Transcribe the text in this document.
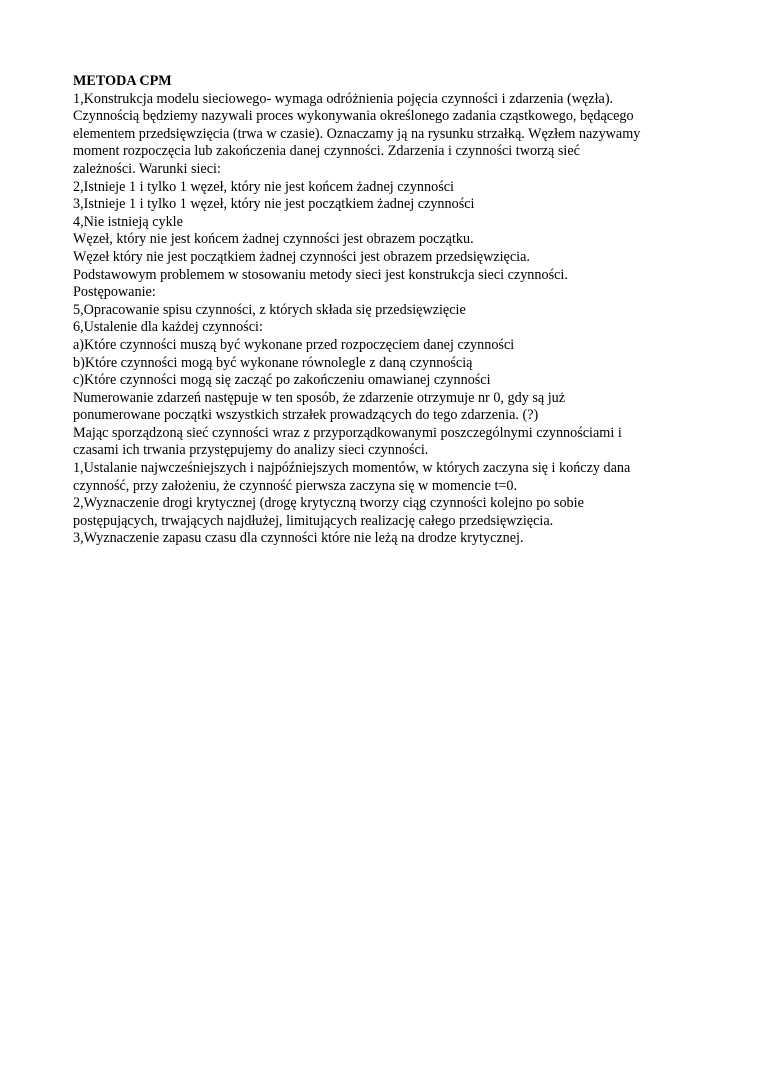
METODA CPM

1,Konstrukcja modelu sieciowego- wymaga odróżnienia pojęcia czynności i zdarzenia (węzła).

Czynnością będziemy nazywali proces wykonywania określonego zadania cząstkowego, będącego

elementem przedsięwzięcia (trwa w czasie). Oznaczamy ją na rysunku strzałką. Węzłem nazywamy

moment rozpoczęcia lub zakończenia danej czynności. Zdarzenia i czynności tworzą sieć

zależności. Warunki sieci:

2,Istnieje 1 i tylko 1 węzeł, który nie jest końcem żadnej czynności

3,Istnieje 1 i tylko 1 węzeł, który nie jest początkiem żadnej czynności

4,Nie istnieją cykle

Węzeł, który nie jest końcem żadnej czynności jest obrazem początku.

Węzeł który nie jest początkiem żadnej czynności jest obrazem przedsięwzięcia.

Podstawowym problemem w stosowaniu metody sieci jest konstrukcja sieci czynności.

Postępowanie:

5,Opracowanie spisu czynności, z których składa się przedsięwzięcie

6,Ustalenie dla każdej czynności:

a)Które czynności muszą być wykonane przed rozpoczęciem danej czynności

b)Które czynności mogą być wykonane równolegle z daną czynnością

c)Które czynności mogą się zacząć po zakończeniu omawianej czynności

Numerowanie zdarzeń następuje w ten sposób, że zdarzenie otrzymuje nr 0, gdy są już

ponumerowane początki wszystkich strzałek prowadzących do tego zdarzenia. (?)

Mając sporządzoną sieć czynności wraz z przyporządkowanymi poszczególnymi czynnościami i

czasami ich trwania przystępujemy do analizy sieci czynności.

1,Ustalanie najwcześniejszych i najpóźniejszych momentów, w których zaczyna się i kończy dana

czynność, przy założeniu, że czynność pierwsza zaczyna się w momencie t=0.

2,Wyznaczenie drogi krytycznej (drogę krytyczną tworzy ciąg czynności kolejno po sobie

postępujących, trwających najdłużej, limitujących realizację całego przedsięwzięcia.

3,Wyznaczenie zapasu czasu dla czynności które nie leżą na drodze krytycznej.
